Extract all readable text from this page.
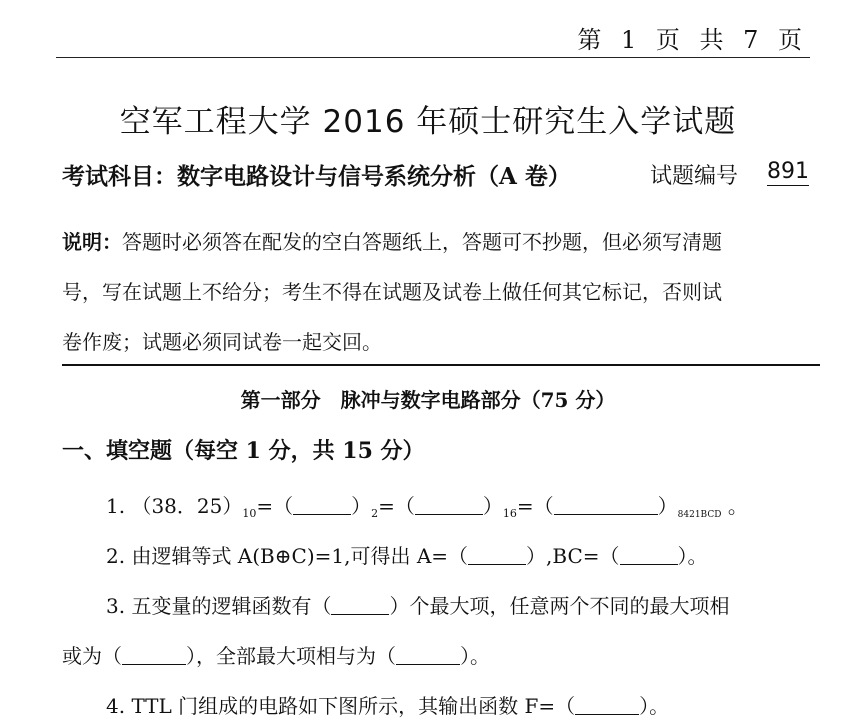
第 1 页 共 7 页
空军工程大学 2016 年硕士研究生入学试题
考试科目：数字电路设计与信号系统分析（A 卷）	试题编号 891
说明：答题时必须答在配发的空白答题纸上，答题可不抄题，但必须写清题
号，写在试题上不给分；考生不得在试题及试卷上做任何其它标记，否则试
卷作废；试题必须同试卷一起交回。
第一部分　脉冲与数字电路部分（75 分）
一、填空题（每空 1 分，共 15 分）
1. （38．$25)_{10}=$（	）$_2=$（	）$_{16}=$（	）$_{8421BCD}$ 。
2. 由逻辑等式 A(B⊕C)=1,可得出 A=（	）,BC=（	）。
3. 五变量的逻辑函数有（	）个最大项，任意两个不同的最大项相
或为（	），全部最大项相与为（	）。
4. TTL 门组成的电路如下图所示，其输出函数 F=（	）。
